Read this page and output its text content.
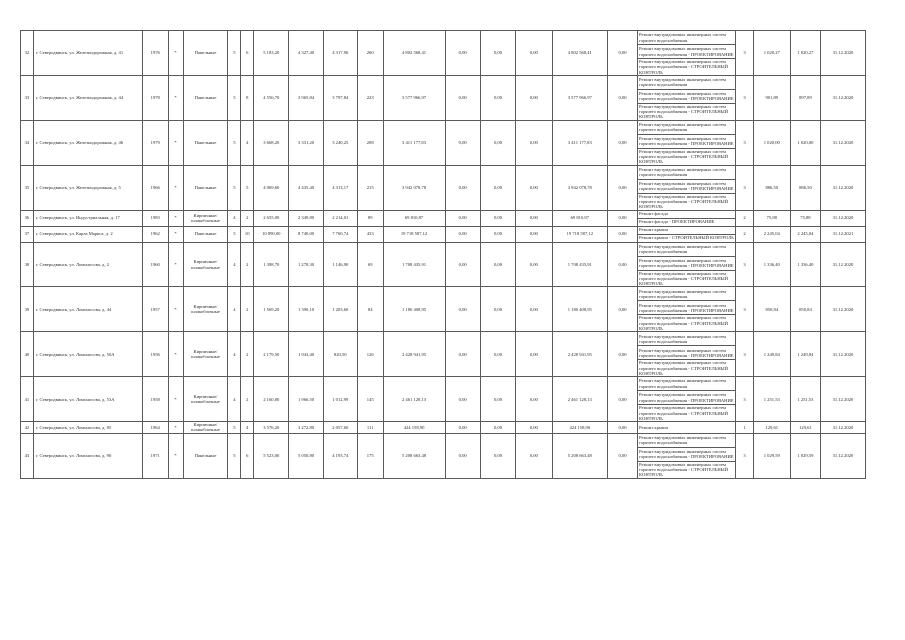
32	г. Северодвинск, ул. Железнодорожная, д. 41	1976	*	Панельные	5	6	5 183,20	4 327,40	4 317,96	260	4 802 568,41	0,00	0,00	0,00	4 802 568,41	0,00	Ремонт внутридомовых инженерных систем горячего водоснабжения	3	1 020,27	1 020,27	31.12.2020
																	Ремонт внутридомовых инженерных систем горячего водоснабжения - ПРОЕКТИРОВАНИЕ				
																	Ремонт внутридомовых инженерных систем горячего водоснабжения - СТРОИТЕЛЬНЫЙ КОНТРОЛЬ				
33	г. Северодвинск, ул. Железнодорожная, д. 44	1978	*	Панельные	5	8	4 556,70	3 965,84	3 797,84	223	3 577 966,97	0,00	0,00	0,00	3 577 966,97	0,00	Ремонт внутридомовых инженерных систем горячего водоснабжения	3	901,89	897,89	31.12.2020
																	Ремонт внутридомовых инженерных систем горячего водоснабжения - ПРОЕКТИРОВАНИЕ				
																	Ремонт внутридомовых инженерных систем горячего водоснабжения - СТРОИТЕЛЬНЫЙ КОНТРОЛЬ				
34	г. Северодвинск, ул. Железнодорожная, д. 46	1979	*	Панельные	5	4	3 668,20	3 331,20	3 240,25	208	3 411 177,83	0,00	0,00	0,00	3 411 177,83	0,00	Ремонт внутридомовых инженерных систем горячего водоснабжения	3	1 020,00	1 020,00	31.12.2020
																	Ремонт внутридомовых инженерных систем горячего водоснабжения - ПРОЕКТИРОВАНИЕ				
																	Ремонт внутридомовых инженерных систем горячего водоснабжения - СТРОИТЕЛЬНЫЙ КОНТРОЛЬ				
35	г. Северодвинск, ул. Железнодорожная, д. 5	1966	*	Панельные	5	5	4 969,60	4 435,40	4 313,17	215	3 942 078,78	0,00	0,00	0,00	3 942 078,78	0,00	Ремонт внутридомовых инженерных систем горячего водоснабжения	3	886,50	886,50	31.12.2020
																	Ремонт внутридомовых инженерных систем горячего водоснабжения - ПРОЕКТИРОВАНИЕ				
																	Ремонт внутридомовых инженерных систем горячего водоснабжения - СТРОИТЕЛЬНЫЙ КОНТРОЛЬ				
36	г. Северодвинск, ул. Индустриальная, д. 17	1983	*	Кирпичные/ шлакоблочные	4	2	2 655,00	2 349,80	2 214,01	89	69 810,87	0,00	0,00	0,00	69 810,87	0,00	Ремонт фасада	2	75,88	75,88	31.12.2020
																	Ремонт фасада - ПРОЕКТИРОВАНИЕ				
37	г. Северодвинск, ул. Карла Маркса, д. 2	1962	*	Панельные	5	10	10 890,00	8 740,00	7 760,74	433	19 718 587,12	0,00	0,00	0,00	19 718 587,12	0,00	Ремонт крыши	2	2 245,04	2 245,04	31.12.2021
																	Ремонт крыши - СТРОИТЕЛЬНЫЙ КОНТРОЛЬ				
38	г. Северодвинск, ул. Ломоносова, д. 2	1960	*	Кирпичные/ шлакоблочные	4	2	1 398,70	1 278,30	1 146,90	69	1 708 435,91	0,00	0,00	0,00	1 708 435,91	0,00	Ремонт внутридомовых инженерных систем горячего водоснабжения	3	1 336,40	1 336,40	31.12.2020
																	Ремонт внутридомовых инженерных систем горячего водоснабжения - ПРОЕКТИРОВАНИЕ				
																	Ремонт внутридомовых инженерных систем горячего водоснабжения - СТРОИТЕЛЬНЫЙ КОНТРОЛЬ				
39	г. Северодвинск, ул. Ломоносова, д. 44	1957	*	Кирпичные/ шлакоблочные	4	2	1 569,20	1 390,10	1 203,60	84	1 180 408,95	0,00	0,00	0,00	1 180 408,95	0,00	Ремонт внутридомовых инженерных систем горячего водоснабжения	3	850,84	850,84	31.12.2020
																	Ремонт внутридомовых инженерных систем горячего водоснабжения - ПРОЕКТИРОВАНИЕ				
																	Ремонт внутридомовых инженерных систем горячего водоснабжения - СТРОИТЕЛЬНЫЙ КОНТРОЛЬ				
40	г. Северодвинск, ул. Ломоносова, д. 50А	1956	*	Кирпичные/ шлакоблочные	4	2	2 179,50	1 943,40	820,50	126	2 428 941,95	0,00	0,00	0,00	2 428 941,95	0,00	Ремонт внутридомовых инженерных систем горячего водоснабжения	3	1 249,84	1 249,84	31.12.2020
																	Ремонт внутридомовых инженерных систем горячего водоснабжения - ПРОЕКТИРОВАНИЕ				
																	Ремонт внутридомовых инженерных систем горячего водоснабжения - СТРОИТЕЛЬНЫЙ КОНТРОЛЬ				
41	г. Северодвинск, ул. Ломоносова, д. 53А	1958	*	Кирпичные/ шлакоблочные	4	2	2 160,80	1 966,50	1 012,99	145	2 461 128,13	0,00	0,00	0,00	2 461 128,13	0,00	Ремонт внутридомовых инженерных систем горячего водоснабжения	3	1 251,53	1 251,53	31.12.2020
																	Ремонт внутридомовых инженерных систем горячего водоснабжения - ПРОЕКТИРОВАНИЕ				
																	Ремонт внутридомовых инженерных систем горячего водоснабжения - СТРОИТЕЛЬНЫЙ КОНТРОЛЬ				
42	г. Северодвинск, ул. Ломоносова, д. 85	1964	*	Кирпичные/ шлакоблочные	5	4	3 576,20	3 272,80	2 057,60	111	424 158,90	0,00	0,00	0,00	424 158,90	0,00	Ремонт крыши	1	129,61	129,61	31.12.2020
43	г. Северодвинск, ул. Ломоносова, д. 90	1971	*	Панельные	5	6	5 523,00	5 050,80	4 193,74	175	5 208 663,48	0,00	0,00	0,00	5 208 663,48	0,00	Ремонт внутридомовых инженерных систем горячего водоснабжения	3	1 029,59	1 029,59	31.12.2020
																	Ремонт внутридомовых инженерных систем горячего водоснабжения - ПРОЕКТИРОВАНИЕ				
																	Ремонт внутридомовых инженерных систем горячего водоснабжения - СТРОИТЕЛЬНЫЙ КОНТРОЛЬ				
